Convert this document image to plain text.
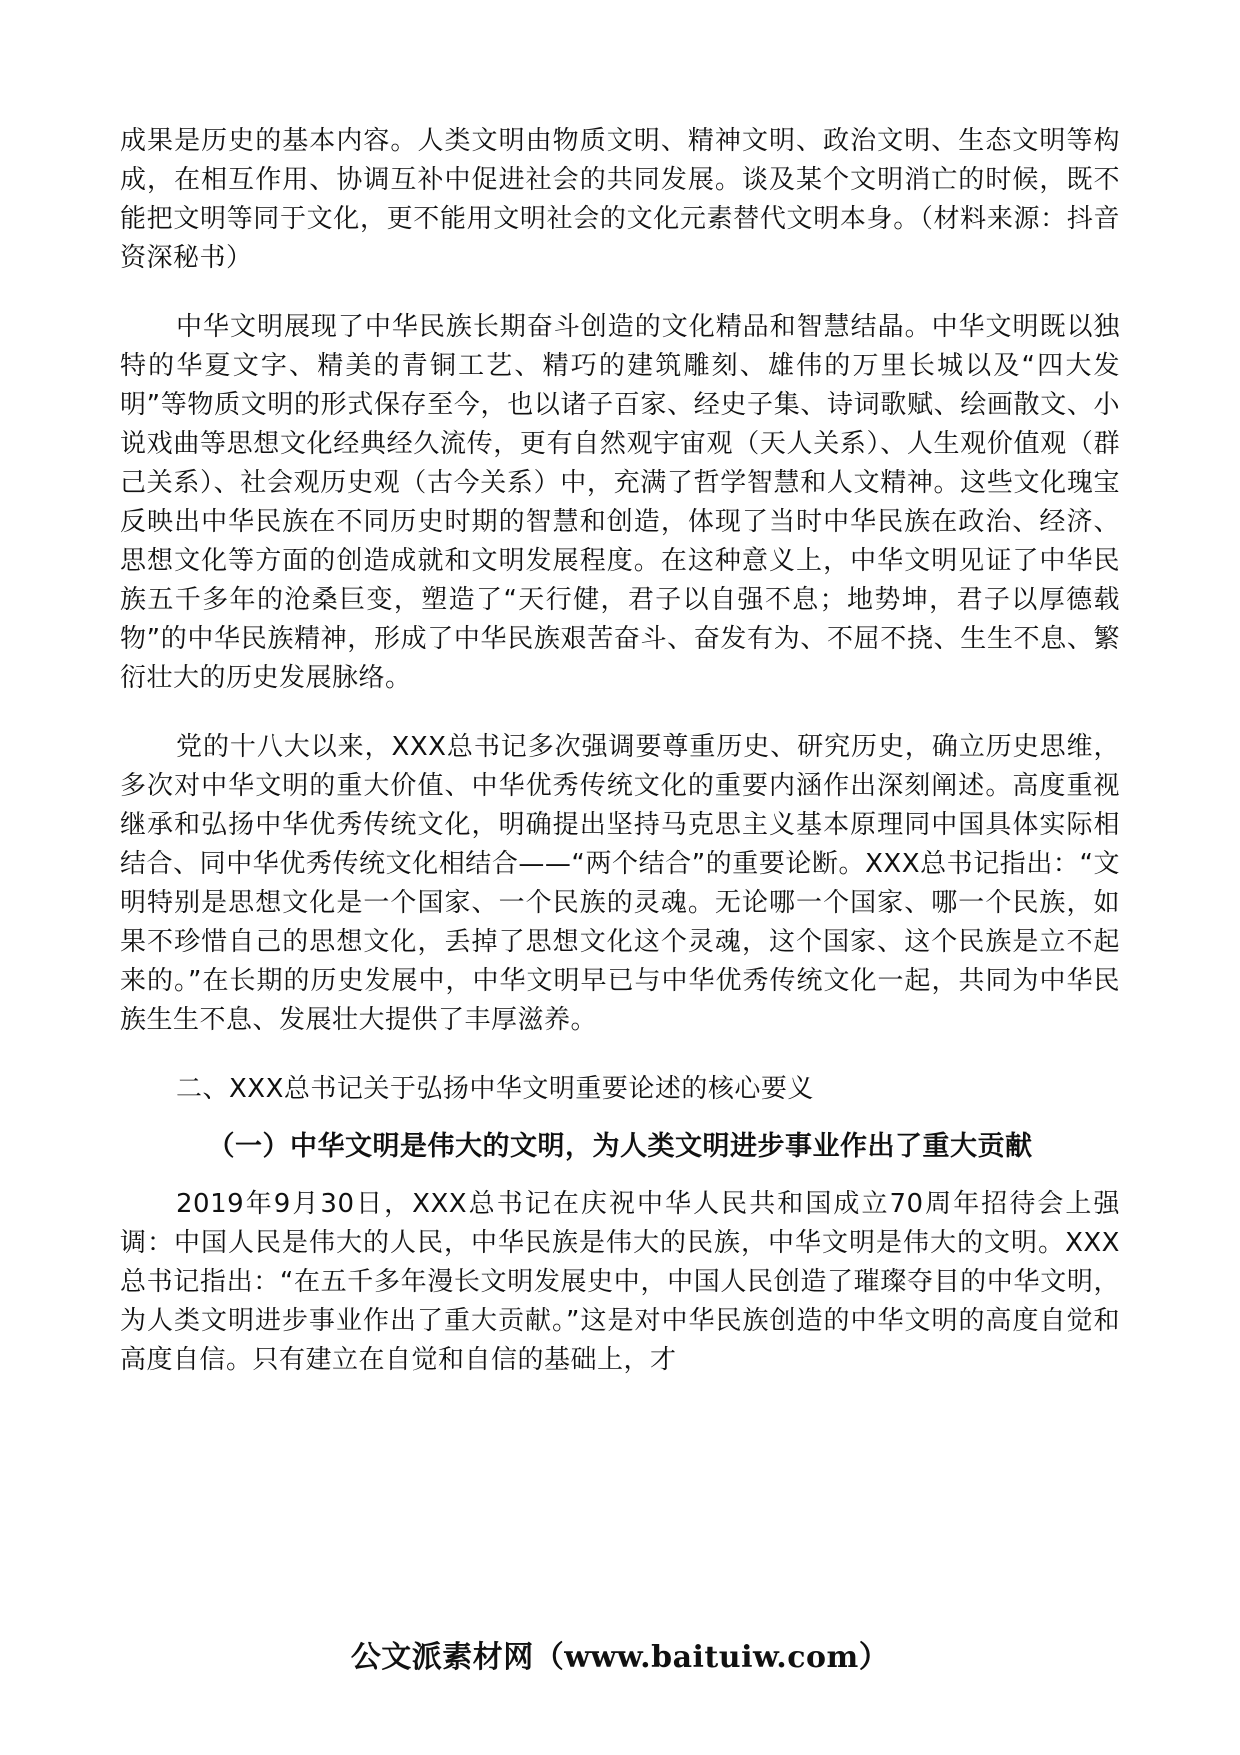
成果是历史的基本内容。人类文明由物质文明、精神文明、政治文明、生态文明等构成，在相互作用、协调互补中促进社会的共同发展。谈及某个文明消亡的时候，既不能把文明等同于文化，更不能用文明社会的文化元素替代文明本身。（材料来源：抖音资深秘书）

中华文明展现了中华民族长期奋斗创造的文化精品和智慧结晶。中华文明既以独特的华夏文字、精美的青铜工艺、精巧的建筑雕刻、雄伟的万里长城以及“四大发明”等物质文明的形式保存至今，也以诸子百家、经史子集、诗词歌赋、绘画散文、小说戏曲等思想文化经典经久流传，更有自然观宇宙观（天人关系）、人生观价值观（群己关系）、社会观历史观（古今关系）中，充满了哲学智慧和人文精神。这些文化瑰宝反映出中华民族在不同历史时期的智慧和创造，体现了当时中华民族在政治、经济、思想文化等方面的创造成就和文明发展程度。在这种意义上，中华文明见证了中华民族五千多年的沧桑巨变，塑造了“天行健，君子以自强不息；地势坤，君子以厚德载物”的中华民族精神，形成了中华民族艰苦奋斗、奋发有为、不屈不挠、生生不息、繁衍壮大的历史发展脉络。

党的十八大以来，XXX总书记多次强调要尊重历史、研究历史，确立历史思维，多次对中华文明的重大价值、中华优秀传统文化的重要内涵作出深刻阐述。高度重视继承和弘扬中华优秀传统文化，明确提出坚持马克思主义基本原理同中国具体实际相结合、同中华优秀传统文化相结合——“两个结合”的重要论断。XXX总书记指出：“文明特别是思想文化是一个国家、一个民族的灵魂。无论哪一个国家、哪一个民族，如果不珍惜自己的思想文化，丢掉了思想文化这个灵魂，这个国家、这个民族是立不起来的。”在长期的历史发展中，中华文明早已与中华优秀传统文化一起，共同为中华民族生生不息、发展壮大提供了丰厚滋养。

二、XXX总书记关于弘扬中华文明重要论述的核心要义

（一）中华文明是伟大的文明，为人类文明进步事业作出了重大贡献

2019年9月30日，XXX总书记在庆祝中华人民共和国成立70周年招待会上强调：中国人民是伟大的人民，中华民族是伟大的民族，中华文明是伟大的文明。XXX总书记指出：“在五千多年漫长文明发展史中，中国人民创造了璀璨夺目的中华文明，为人类文明进步事业作出了重大贡献。”这是对中华民族创造的中华文明的高度自觉和高度自信。只有建立在自觉和自信的基础上，才

公文派素材网（www.baituiw.com）
